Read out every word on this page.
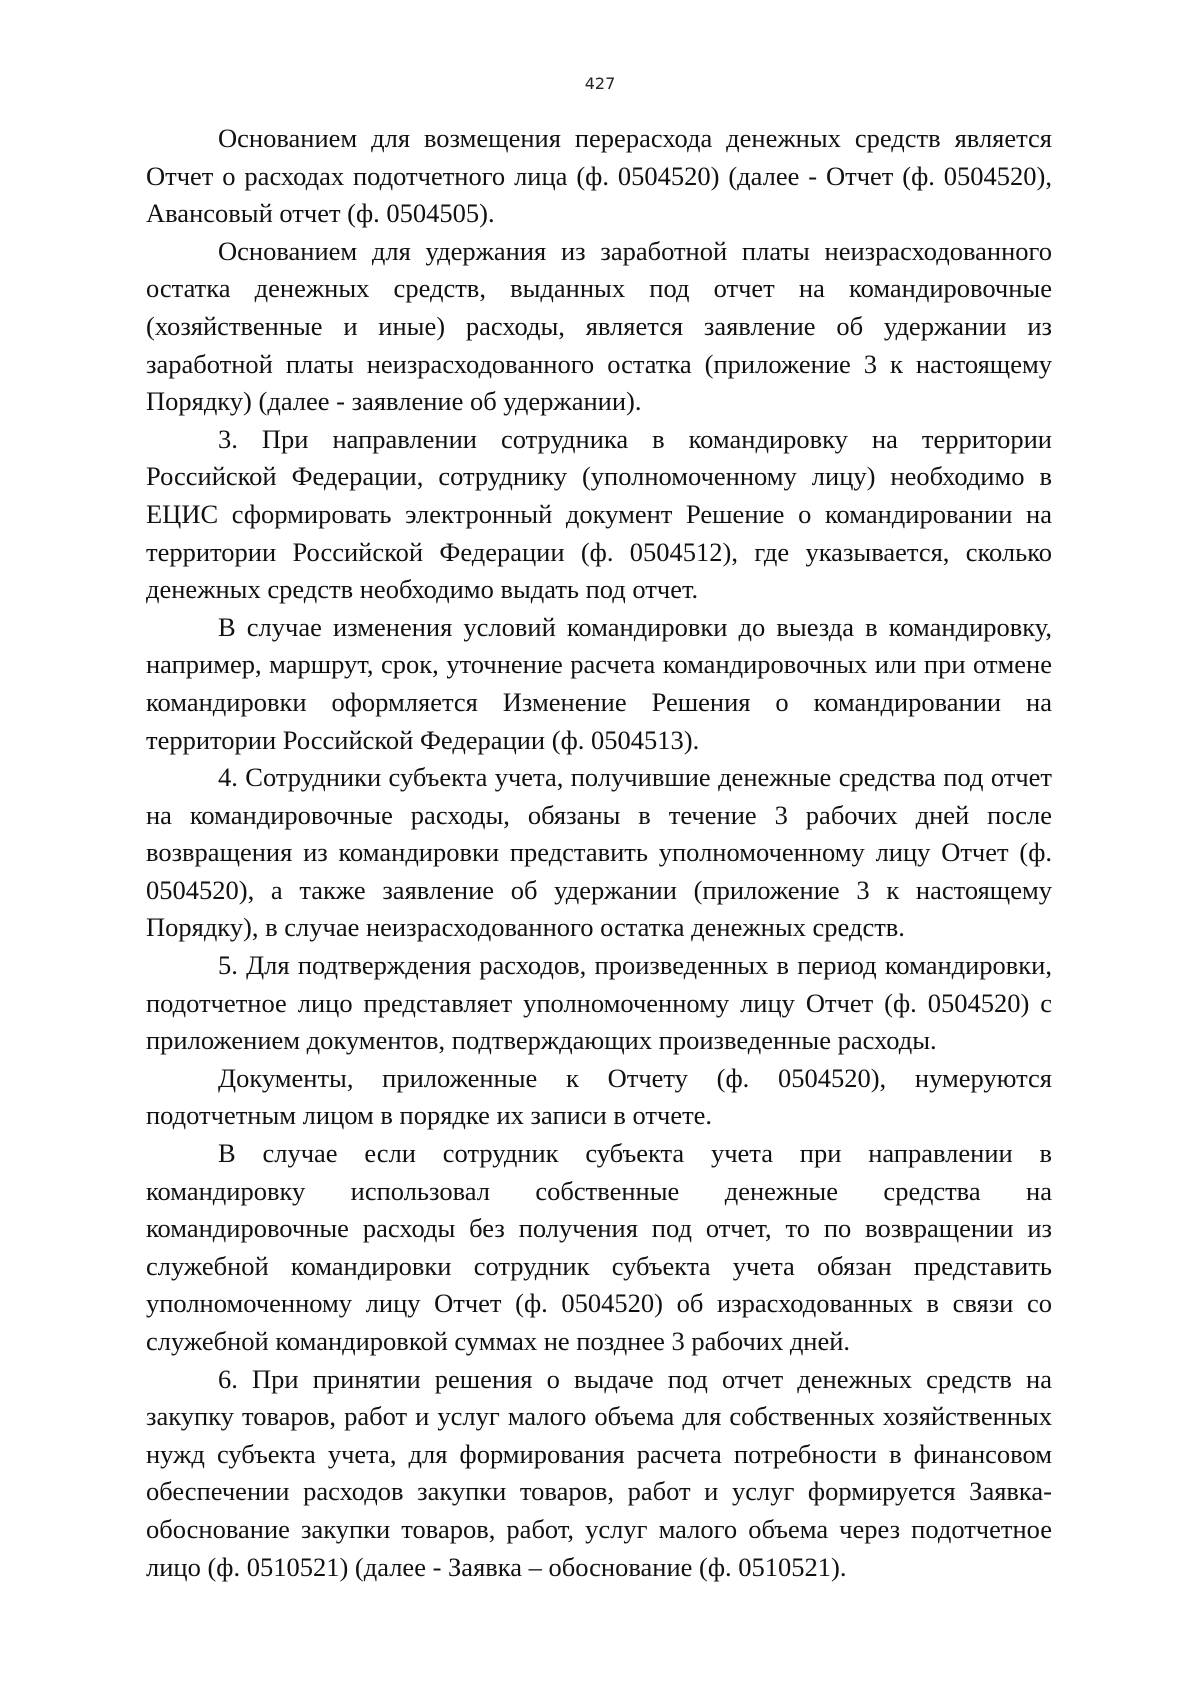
427

Основанием для возмещения перерасхода денежных средств является Отчет о расходах подотчетного лица (ф. 0504520) (далее - Отчет (ф. 0504520), Авансовый отчет (ф. 0504505).

Основанием для удержания из заработной платы неизрасходованного остатка денежных средств, выданных под отчет на командировочные (хозяйственные и иные) расходы, является заявление об удержании из заработной платы неизрасходованного остатка (приложение 3 к настоящему Порядку) (далее - заявление об удержании).

3. При направлении сотрудника в командировку на территории Российской Федерации, сотруднику (уполномоченному лицу) необходимо в ЕЦИС сформировать электронный документ Решение о командировании на территории Российской Федерации (ф. 0504512), где указывается, сколько денежных средств необходимо выдать под отчет.

В случае изменения условий командировки до выезда в командировку, например, маршрут, срок, уточнение расчета командировочных или при отмене командировки оформляется Изменение Решения о командировании на территории Российской Федерации (ф. 0504513).

4. Сотрудники субъекта учета, получившие денежные средства под отчет на командировочные расходы, обязаны в течение 3 рабочих дней после возвращения из командировки представить уполномоченному лицу Отчет (ф. 0504520), а также заявление об удержании (приложение 3 к настоящему Порядку), в случае неизрасходованного остатка денежных средств.

5. Для подтверждения расходов, произведенных в период командировки, подотчетное лицо представляет уполномоченному лицу Отчет (ф. 0504520) с приложением документов, подтверждающих произведенные расходы.

Документы, приложенные к Отчету (ф. 0504520), нумеруются подотчетным лицом в порядке их записи в отчете.

В случае если сотрудник субъекта учета при направлении в командировку использовал собственные денежные средства на командировочные расходы без получения под отчет, то по возвращении из служебной командировки сотрудник субъекта учета обязан представить уполномоченному лицу Отчет (ф. 0504520) об израсходованных в связи со служебной командировкой суммах не позднее 3 рабочих дней.

6. При принятии решения о выдаче под отчет денежных средств на закупку товаров, работ и услуг малого объема для собственных хозяйственных нужд субъекта учета, для формирования расчета потребности в финансовом обеспечении расходов закупки товаров, работ и услуг формируется Заявка-обоснование закупки товаров, работ, услуг малого объема через подотчетное лицо (ф. 0510521) (далее - Заявка – обоснование (ф. 0510521).
